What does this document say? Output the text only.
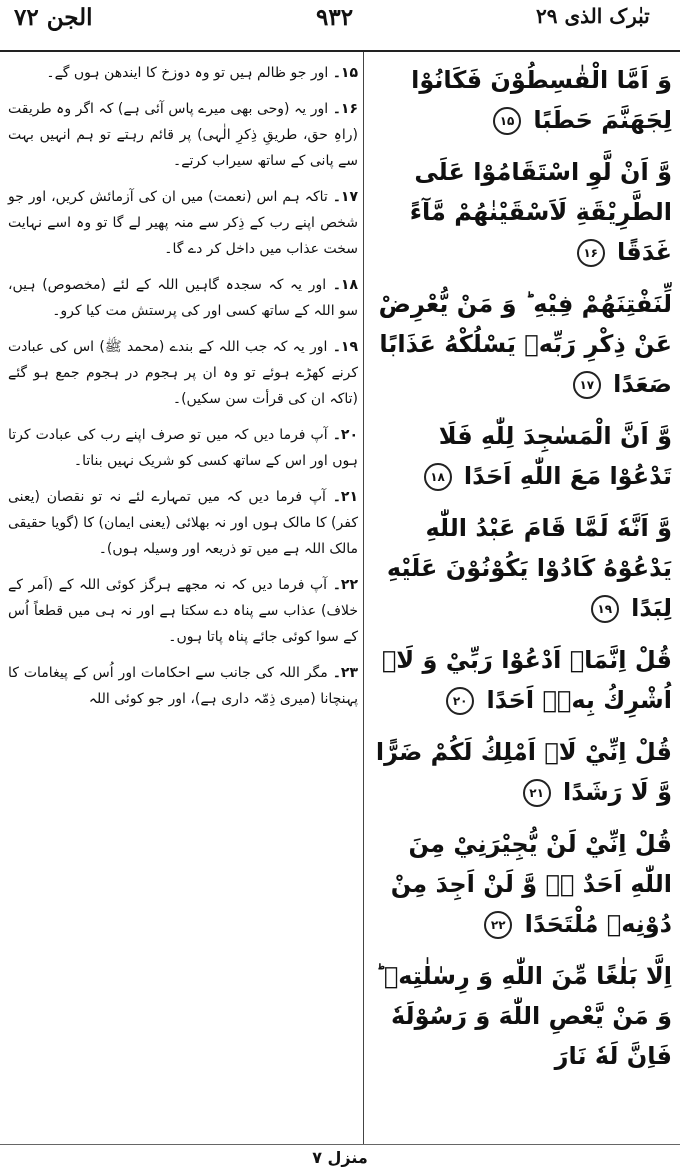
الجن ۷۲	۹۳۲	تبٰرک الذی ۲۹
وَ اَمَّا الْقٰسِطُوْنَ فَكَانُوْا لِجَهَنَّمَ حَطَبًا ۱۵
وَّ اَنْ لَّوِ اسْتَقَامُوْا عَلَى الطَّرِيْقَةِ لَاَسْقَيْنٰهُمْ مَّآءً غَدَقًا ۱۶
لِّنَفْتِنَهُمْ فِيْهِ ؕ وَ مَنْ يُّعْرِضْ عَنْ ذِكْرِ رَبِّهٖ يَسْلُكْهُ عَذَابًا صَعَدًا ۱۷
وَّ اَنَّ الْمَسٰجِدَ لِلّٰهِ فَلَا تَدْعُوْا مَعَ اللّٰهِ اَحَدًا ۱۸
وَّ اَنَّهٗ لَمَّا قَامَ عَبْدُ اللّٰهِ يَدْعُوْهُ كَادُوْا يَكُوْنُوْنَ عَلَيْهِ لِبَدًا ۱۹
قُلْ اِنَّمَاۤ اَدْعُوْا رَبِّيْ وَ لَاۤ اُشْرِكُ بِهٖۤ اَحَدًا ۲۰
قُلْ اِنِّيْ لَاۤ اَمْلِكُ لَكُمْ ضَرًّا وَّ لَا رَشَدًا ۲۱
قُلْ اِنِّيْ لَنْ يُّجِيْرَنِيْ مِنَ اللّٰهِ اَحَدٌ ۙ۬ وَّ لَنْ اَجِدَ مِنْ دُوْنِهٖ مُلْتَحَدًا ۲۲
اِلَّا بَلٰغًا مِّنَ اللّٰهِ وَ رِسٰلٰتِهٖ ؕ وَ مَنْ يَّعْصِ اللّٰهَ وَ رَسُوْلَهٗ فَاِنَّ لَهٗ نَارَ
۱۵۔ اور جو ظالم ہیں تو وہ دوزخ کا ایندھن ہوں گے۔
۱۶۔ اور یہ (وحی بھی میرے پاس آئی ہے) کہ اگر وہ طریقت (راہِ حق، طریقِ ذِکرِ الٰہی) پر قائم رہتے تو ہم انہیں بہت سے پانی کے ساتھ سیراب کرتے۔
۱۷۔ تاکہ ہم اس (نعمت) میں ان کی آزمائش کریں، اور جو شخص اپنے رب کے ذِکر سے منہ پھیر لے گا تو وہ اسے نہایت سخت عذاب میں داخل کر دے گا۔
۱۸۔ اور یہ کہ سجدہ گاہیں اللہ کے لئے (مخصوص) ہیں، سو اللہ کے ساتھ کسی اور کی پرستش مت کیا کرو۔
۱۹۔ اور یہ کہ جب اللہ کے بندے (محمد ﷺ) اس کی عبادت کرنے کھڑے ہوئے تو وہ ان پر ہجوم در ہجوم جمع ہو گئے (تاکہ ان کی قرأت سن سکیں)۔
۲۰۔ آپ فرما دیں کہ میں تو صرف اپنے رب کی عبادت کرتا ہوں اور اس کے ساتھ کسی کو شریک نہیں بناتا۔
۲۱۔ آپ فرما دیں کہ میں تمہارے لئے نہ تو نقصان (یعنی کفر) کا مالک ہوں اور نہ بھلائی (یعنی ایمان) کا (گویا حقیقی مالک اللہ ہے میں تو ذریعہ اور وسیلہ ہوں)۔
۲۲۔ آپ فرما دیں کہ نہ مجھے ہرگز کوئی اللہ کے (اَمر کے خلاف) عذاب سے پناہ دے سکتا ہے اور نہ ہی میں قطعاً اُس کے سوا کوئی جائے پناہ پاتا ہوں۔
۲۳۔ مگر اللہ کی جانب سے احکامات اور اُس کے پیغامات کا پہنچانا (میری ذِمّہ داری ہے)، اور جو کوئی اللہ
منزل ۷
